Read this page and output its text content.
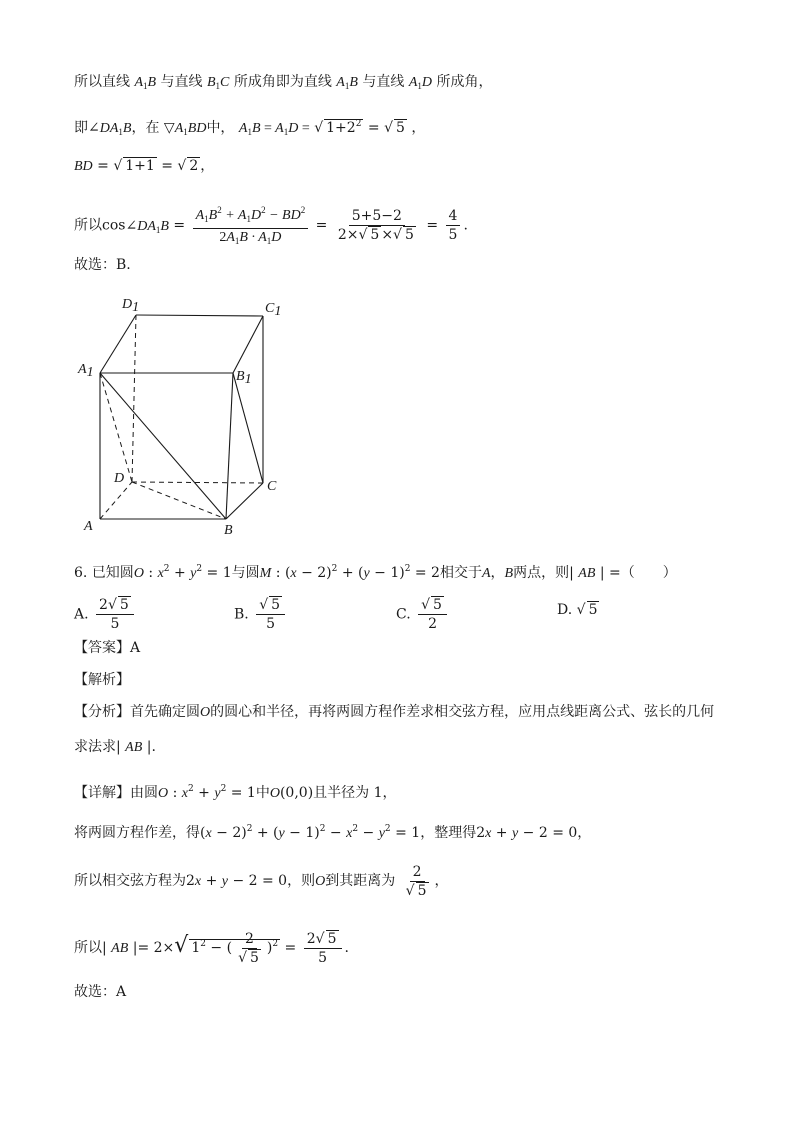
所以直线 $A_1B$ 与直线 $B_1C$ 所成角即为直线 $A_1B$ 与直线 $A_1D$ 所成角，
即$\angle DA_1B$，在 $▽A_1BD$中， $A_1B = A_1D$ = √ $1+2^2$ = √ 5 ，
BD = √ 1+1 = √ 2 ，
所以$\cos\angle DA_1B = \frac{A_1B^2 + A_1D^2 - BD^2}{2A_1B \cdot A_1D} = \frac{5+5-2}{2\times√ 5 \times√ 5} = \frac{4}{5}$ .
故选：B.
D1	C1
A1	B1
D
C
A	B
6. 已知圆O : $x^2 + y^2 = 1$与圆M : $(x - 2)^2 + (y - 1)^2 = 2$相交于A，B两点，则| AB | =（　　）
A. $\frac{2√ 5}{5}$	B. $\frac{√ 5}{5}$	C. $\frac{√ 5}{2}$	D. √ 5
【答案】A
【解析】
【分析】首先确定圆O的圆心和半径，再将两圆方程作差求相交弦方程，应用点线距离公式、弦长的几何
求法求| AB |.
【详解】由圆O : $x^2 + y^2 = 1$中O(0,0)且半径为 1，
将两圆方程作差，得$(x - 2)^2 + (y - 1)^2 - x^2 - y^2 = 1$，整理得2x + y − 2 = 0，
所以相交弦方程为2x + y − 2 = 0，则O到其距离为 $\frac{2}{√ 5}$ ，
所以| AB |= 2×√ $1^2$ − ( $\frac{2}{√ 5} )^2 = \frac{2√ 5}{5}$ .
故选：A
